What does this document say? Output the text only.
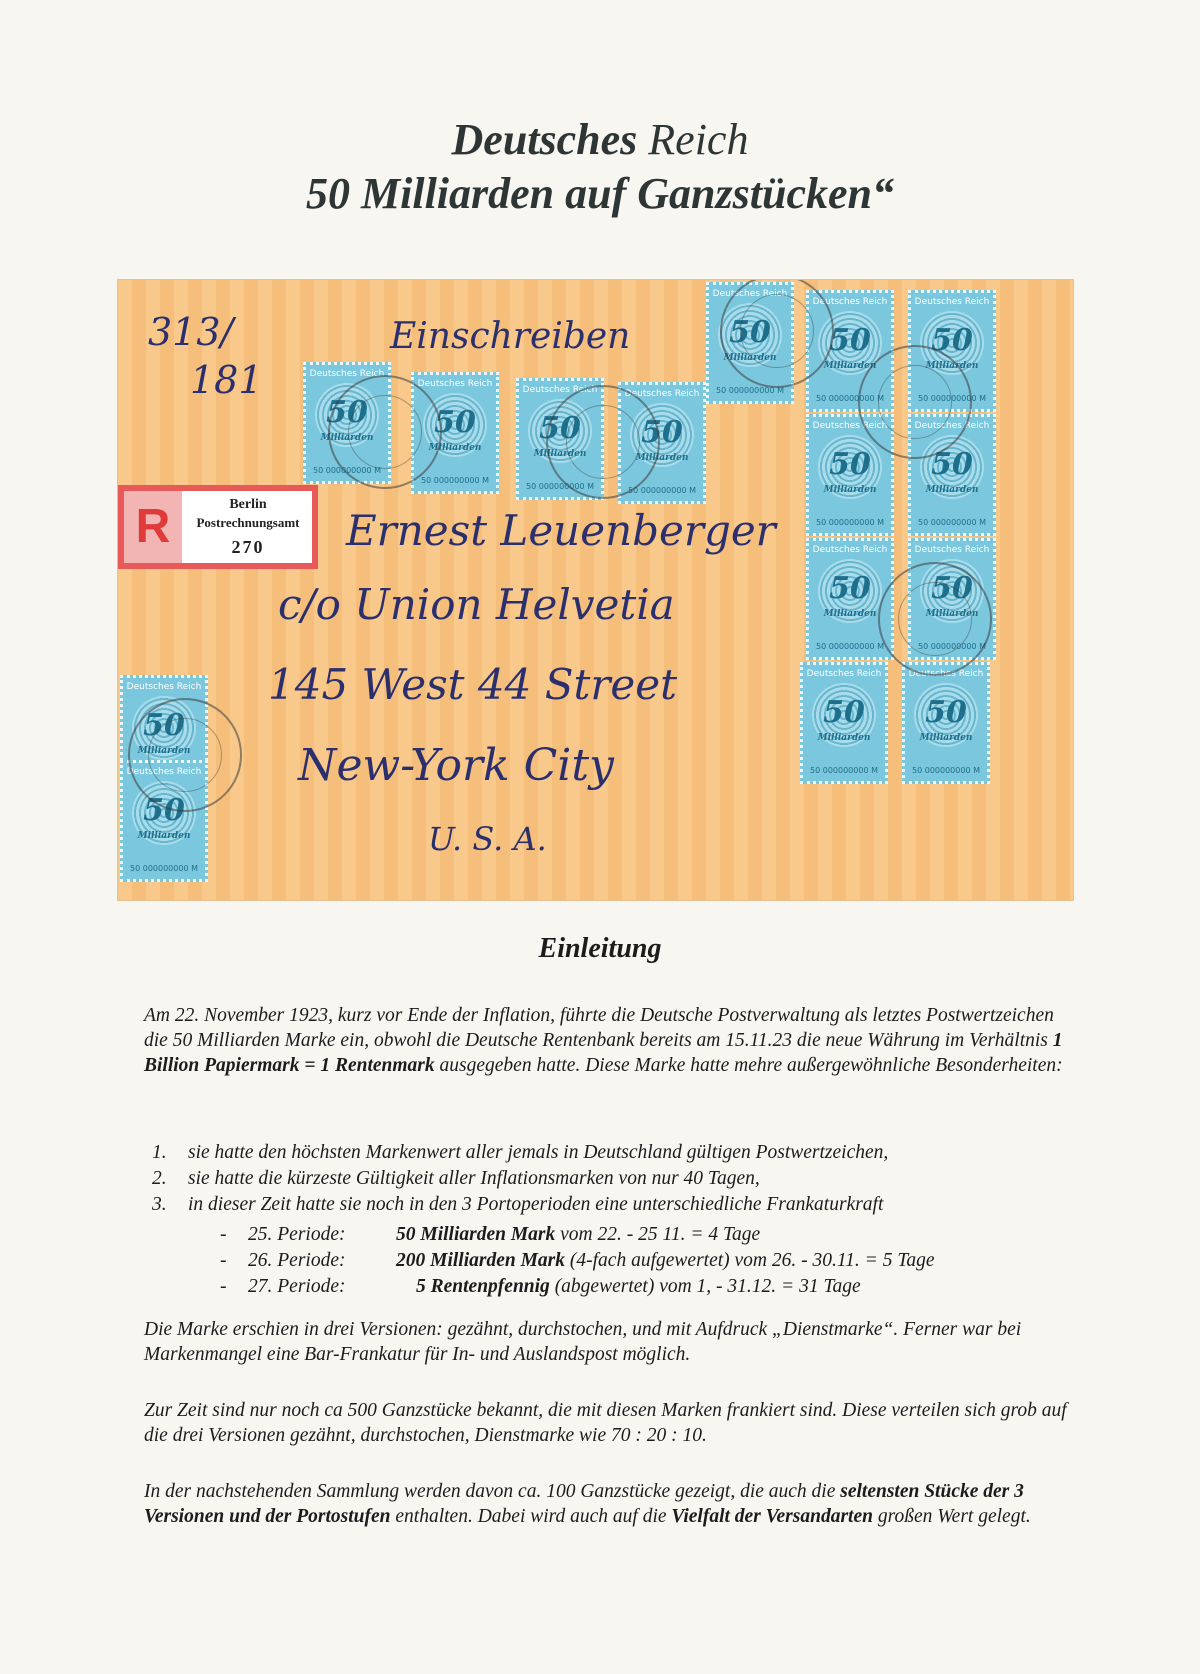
Deutsches Reich
50 Milliarden auf Ganzstücken“
313/
181
Einschreiben
R	Berlin
Postrechnungsamt
270	Ernest Leuenberger
c/o Union Helvetia
145 West 44 Street
New-York City
U. S. A.
Deutsches Reich
50
Milliarden
50 000000000 M
Deutsches Reich
50
Milliarden
50 000000000 M
Deutsches Reich
50
Milliarden
50 000000000 M
Deutsches Reich
50
Milliarden
50 000000000 M
Deutsches Reich
50
Milliarden
50 000000000 M
Deutsches Reich
50
Milliarden
50 000000000 M
Deutsches Reich
50
Milliarden
50 000000000 M
Deutsches Reich
50
Milliarden
50 000000000 M
Deutsches Reich
50
Milliarden
50 000000000 M
Deutsches Reich
50
Milliarden
50 000000000 M
Deutsches Reich
50
Milliarden
50 000000000 M
Deutsches Reich
50
Milliarden
50 000000000 M
Deutsches Reich
50
Milliarden
50 000000000 M
Deutsches Reich
50
Milliarden
Deutsches Reich
50
Milliarden
50 000000000 M
Einleitung

Am 22. November 1923, kurz vor Ende der Inflation, führte die Deutsche Postverwaltung als letztes Postwertzeichen die 50 Milliarden Marke ein, obwohl die Deutsche Rentenbank bereits am 15.11.23 die neue Währung im Verhältnis 1 Billion Papiermark = 1 Rentenmark ausgegeben hatte. Diese Marke hatte mehre außergewöhnliche Besonderheiten:

1. sie hatte den höchsten Markenwert aller jemals in Deutschland gültigen Postwertzeichen,
2. sie hatte die kürzeste Gültigkeit aller Inflationsmarken von nur 40 Tagen,
3. in dieser Zeit hatte sie noch in den 3 Portoperioden eine unterschiedliche Frankaturkraft
- 25. Periode:	50 Milliarden Mark vom 22. - 25 11. = 4 Tage
- 26. Periode:	200 Milliarden Mark (4-fach aufgewertet) vom 26. - 30.11. = 5 Tage
- 27. Periode:	5 Rentenpfennig (abgewertet) vom 1, - 31.12. = 31 Tage
Die Marke erschien in drei Versionen: gezähnt, durchstochen, und mit Aufdruck „Dienstmarke“. Ferner war bei Markenmangel eine Bar-Frankatur für In- und Auslandspost möglich.
Zur Zeit sind nur noch ca 500 Ganzstücke bekannt, die mit diesen Marken frankiert sind. Diese verteilen sich grob auf die drei Versionen gezähnt, durchstochen, Dienstmarke wie 70 : 20 : 10.
In der nachstehenden Sammlung werden davon ca. 100 Ganzstücke gezeigt, die auch die seltensten Stücke der 3 Versionen und der Portostufen enthalten. Dabei wird auch auf die Vielfalt der Versandarten großen Wert gelegt.
